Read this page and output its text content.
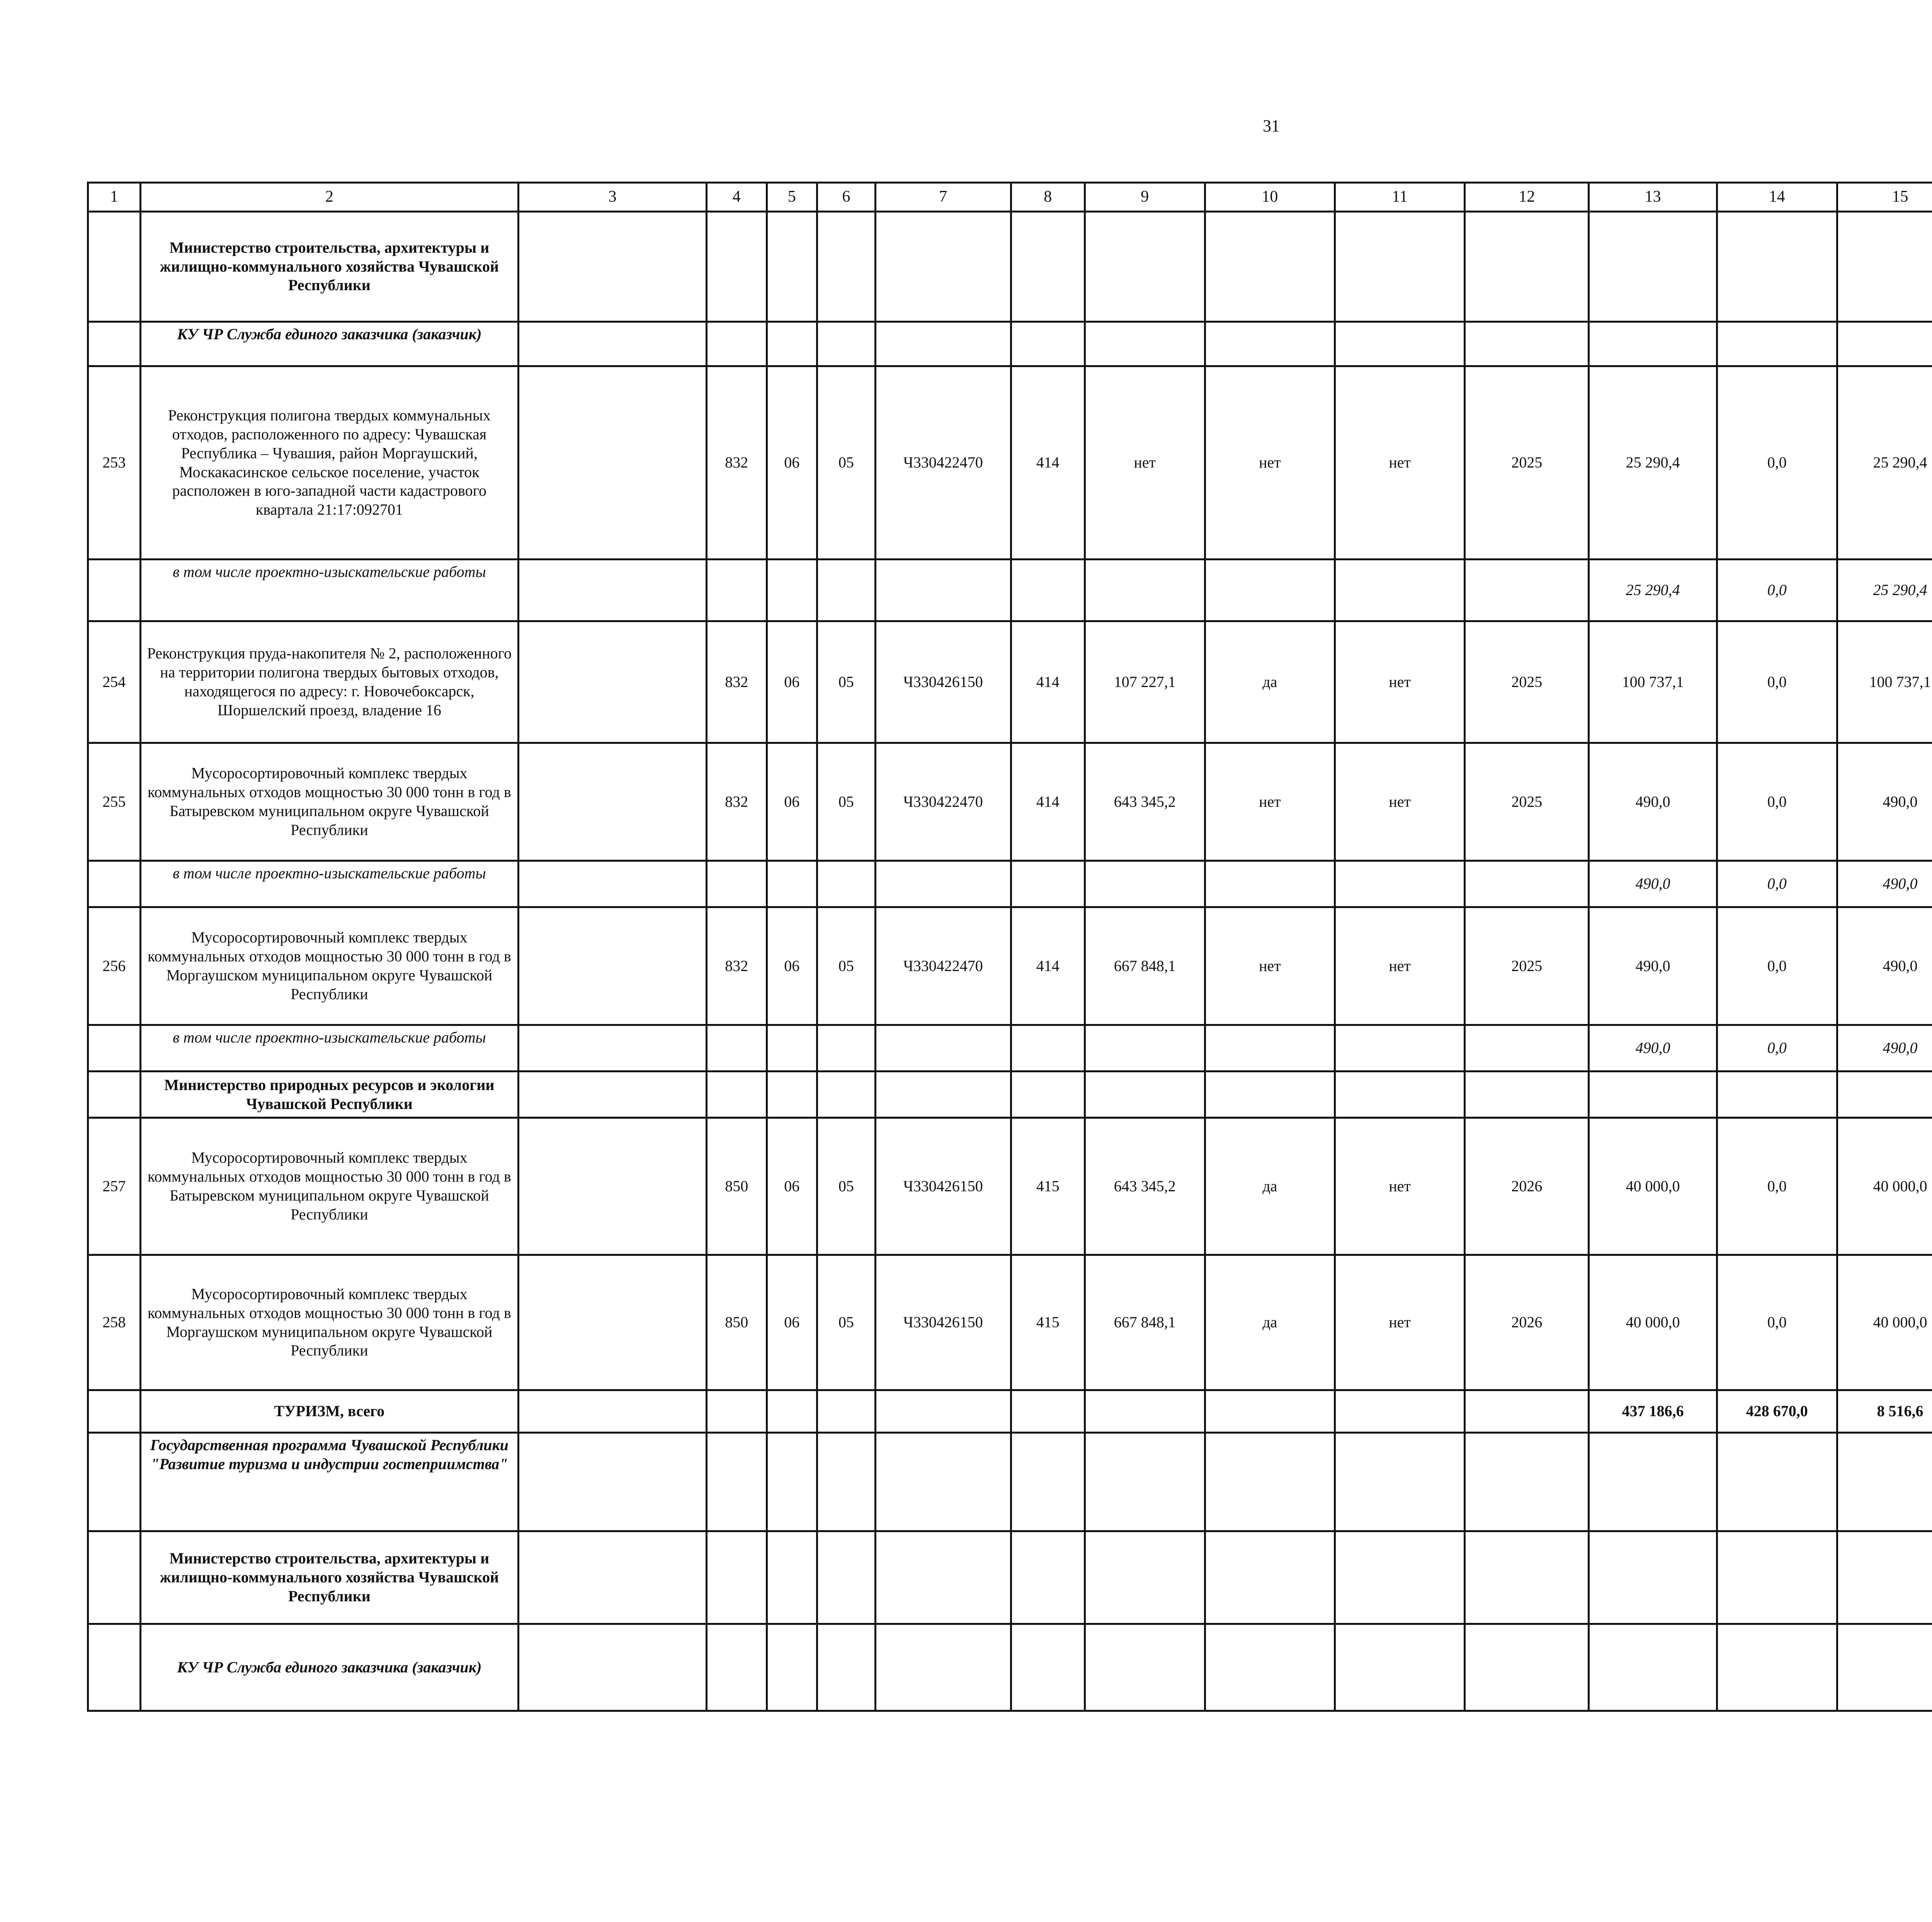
31
1	2	3	4	5	6	7	8	9	10	11	12	13	14	15						
	Министерство строительства, архитектуры и жилищно-коммунального хозяйства Чувашской Республики																			
	КУ ЧР Служба единого заказчика (заказчик)																			
253	Реконструкция полигона твердых коммунальных отходов, расположенного по адресу: Чувашская Республика – Чувашия, район Моргаушский, Москакасинское сельское поселение, участок расположен в юго-западной части кадастрового квартала 21:17:092701		832	06	05	Ч330422470	414	нет	нет	нет	2025	25 290,4	0,0	25 290,4						
	в том числе проектно-изыскательские работы											25 290,4	0,0	25 290,4						
254	Реконструкция пруда-накопителя № 2, расположенного на территории полигона твердых бытовых отходов, находящегося по адресу: г. Новочебоксарск, Шоршелский проезд, владение 16		832	06	05	Ч330426150	414	107 227,1	да	нет	2025	100 737,1	0,0	100 737,1						
255	Мусоросортировочный комплекс твердых коммунальных отходов мощностью 30 000 тонн в год в Батыревском муниципальном округе Чувашской Республики		832	06	05	Ч330422470	414	643 345,2	нет	нет	2025	490,0	0,0	490,0						
	в том числе проектно-изыскательские работы											490,0	0,0	490,0						
256	Мусоросортировочный комплекс твердых коммунальных отходов мощностью 30 000 тонн в год в Моргаушском муниципальном округе Чувашской Республики		832	06	05	Ч330422470	414	667 848,1	нет	нет	2025	490,0	0,0	490,0						
	в том числе проектно-изыскательские работы											490,0	0,0	490,0						
	Министерство природных ресурсов и экологии Чувашской Республики																			
257	Мусоросортировочный комплекс твердых коммунальных отходов мощностью 30 000 тонн в год в Батыревском муниципальном округе Чувашской Республики		850	06	05	Ч330426150	415	643 345,2	да	нет	2026	40 000,0	0,0	40 000,0						
258	Мусоросортировочный комплекс твердых коммунальных отходов мощностью 30 000 тонн в год в Моргаушском муниципальном округе Чувашской Республики		850	06	05	Ч330426150	415	667 848,1	да	нет	2026	40 000,0	0,0	40 000,0						
	ТУРИЗМ, всего											437 186,6	428 670,0	8 516,6						
	Государственная программа Чувашской Республики "Развитие туризма и индустрии гостеприимства"																			
	Министерство строительства, архитектуры и жилищно-коммунального хозяйства Чувашской Республики																			
	КУ ЧР Служба единого заказчика (заказчик)																			
